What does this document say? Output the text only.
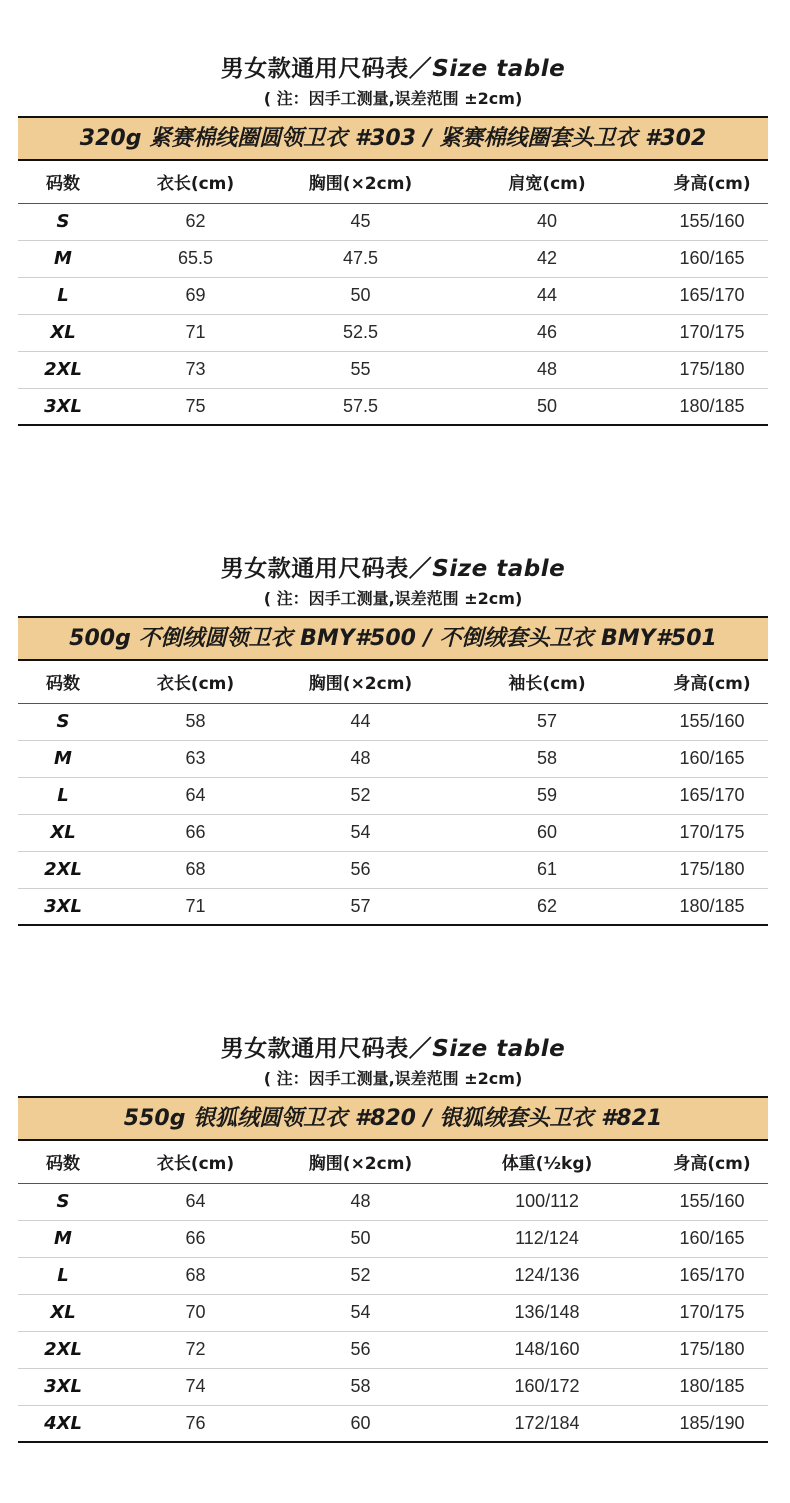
男女款通用尺码表／Size table
( 注：因手工测量,误差范围 ±2cm)
320g 紧赛棉线圈圆领卫衣 #303 / 紧赛棉线圈套头卫衣 #302
码数	衣长(cm)	胸围(×2cm)	肩宽(cm)	身高(cm)
S	62	45	40	155/160
M	65.5	47.5	42	160/165
L	69	50	44	165/170
XL	71	52.5	46	170/175
2XL	73	55	48	175/180
3XL	75	57.5	50	180/185
男女款通用尺码表／Size table
( 注：因手工测量,误差范围 ±2cm)
500g 不倒绒圆领卫衣 BMY#500 / 不倒绒套头卫衣 BMY#501
码数	衣长(cm)	胸围(×2cm)	袖长(cm)	身高(cm)
S	58	44	57	155/160
M	63	48	58	160/165
L	64	52	59	165/170
XL	66	54	60	170/175
2XL	68	56	61	175/180
3XL	71	57	62	180/185
男女款通用尺码表／Size table
( 注：因手工测量,误差范围 ±2cm)
550g 银狐绒圆领卫衣 #820 / 银狐绒套头卫衣 #821
码数	衣长(cm)	胸围(×2cm)	体重(½kg)	身高(cm)
S	64	48	100/112	155/160
M	66	50	112/124	160/165
L	68	52	124/136	165/170
XL	70	54	136/148	170/175
2XL	72	56	148/160	175/180
3XL	74	58	160/172	180/185
4XL	76	60	172/184	185/190
